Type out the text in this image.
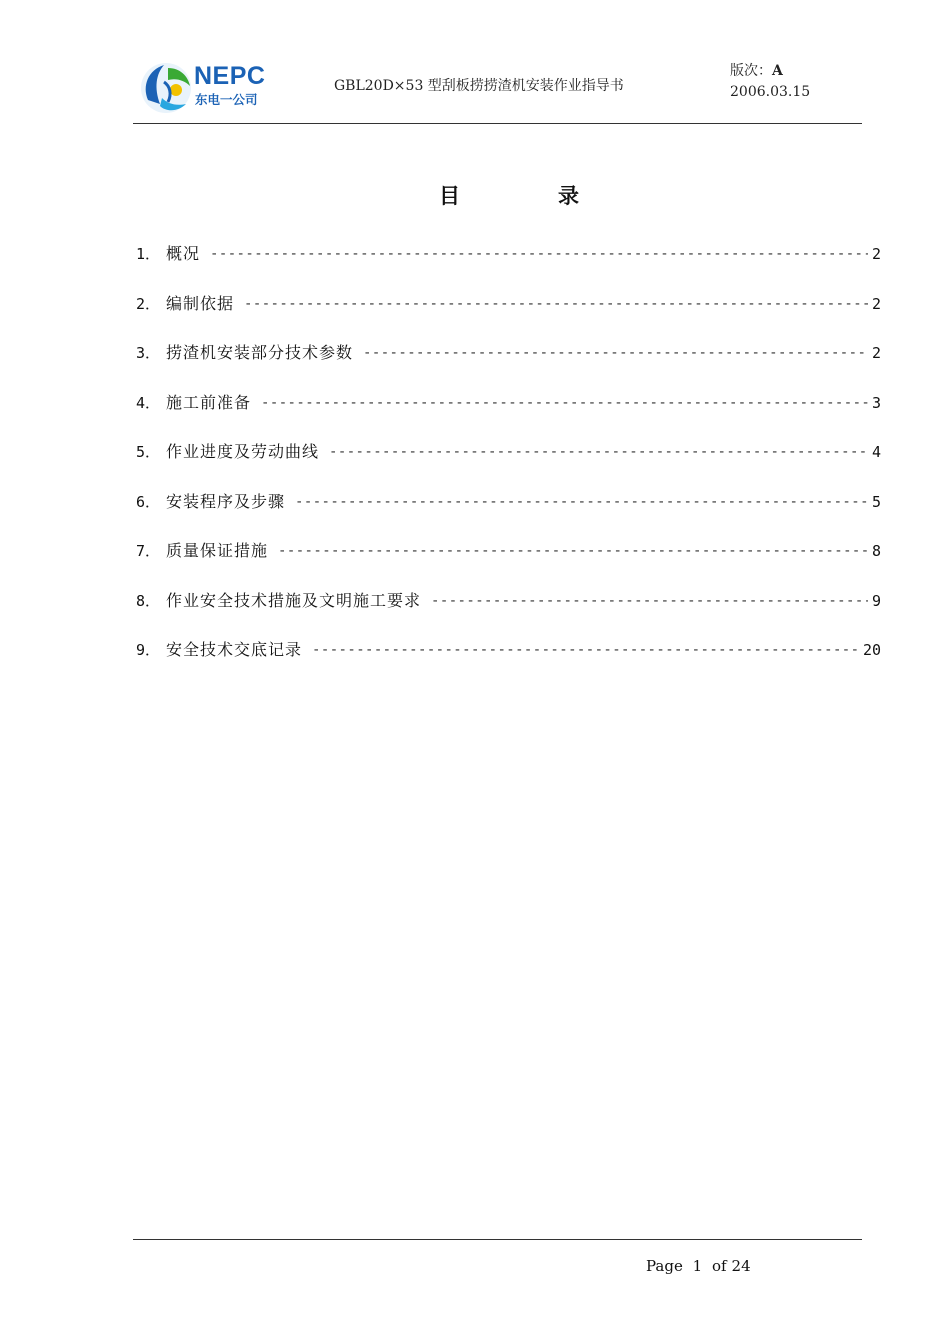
NEPC
东电一公司
GBL20D×53 型刮板捞捞渣机安装作业指导书
版次：A
2006.03.15
目	录
1． 概况 -----	2
2． 编制依据 -----	2
3． 捞渣机安装部分技术参数 -----	2
4． 施工前准备 -----	3
5． 作业进度及劳动曲线 -----	4
6． 安装程序及步骤 -----	5
7． 质量保证措施 -----	8
8． 作业安全技术措施及文明施工要求 -----	9
9． 安全技术交底记录 -----	20
Page 1 of 24
